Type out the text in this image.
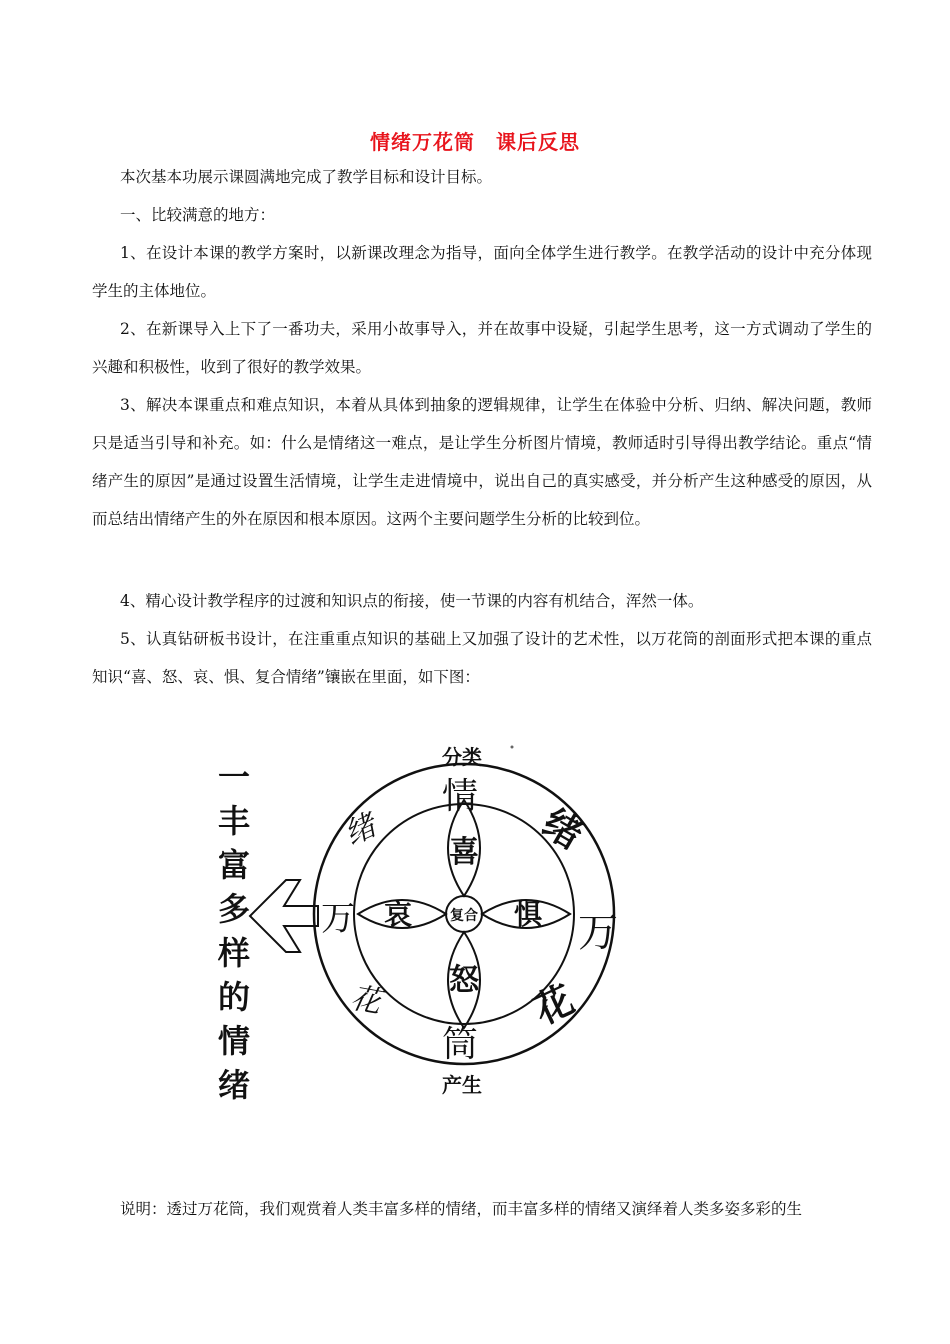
情绪万花筒　课后反思

本次基本功展示课圆满地完成了教学目标和设计目标。

一、比较满意的地方：

1、在设计本课的教学方案时，以新课改理念为指导，面向全体学生进行教学。在教学活动的设计中充分体现学生的主体地位。

2、在新课导入上下了一番功夫，采用小故事导入，并在故事中设疑，引起学生思考，这一方式调动了学生的兴趣和积极性，收到了很好的教学效果。

3、解决本课重点和难点知识，本着从具体到抽象的逻辑规律，让学生在体验中分析、归纳、解决问题，教师只是适当引导和补充。如：什么是情绪这一难点，是让学生分析图片情境，教师适时引导得出教学结论。重点“情绪产生的原因”是通过设置生活情境，让学生走进情境中，说出自己的真实感受，并分析产生这种感受的原因，从而总结出情绪产生的外在原因和根本原因。这两个主要问题学生分析的比较到位。

4、精心设计教学程序的过渡和知识点的衔接，使一节课的内容有机结合，浑然一体。

5、认真钻研板书设计，在注重重点知识的基础上又加强了设计的艺术性，以万花筒的剖面形式把本课的重点知识“喜、怒、哀、惧、复合情绪”镶嵌在里面，如下图：

一
丰
富
多
样
的
情
绪
分类
产生
情
绪	绪
万	万
花	花
筒
喜
哀	惧
怒
复合

说明：透过万花筒，我们观赏着人类丰富多样的情绪，而丰富多样的情绪又演绎着人类多姿多彩的生
